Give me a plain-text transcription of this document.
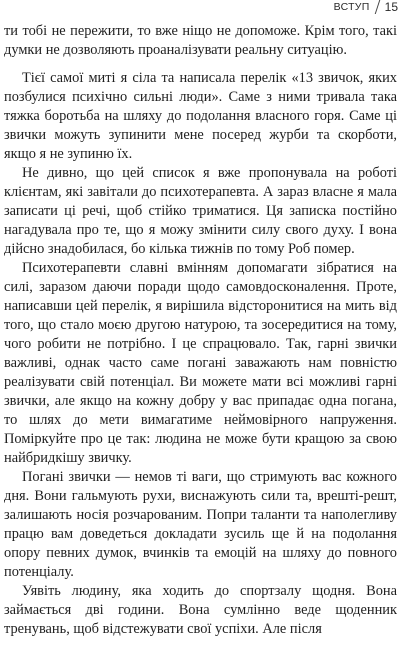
ВСТУП 15

ти тобі не пережити, то вже ніщо не допоможе. Крім того, такі думки не дозволяють проаналізувати реальну ситуацію.

Тієї самої миті я сіла та написала перелік «13 звичок, яких позбулися психічно сильні люди». Саме з ними тривала така тяжка боротьба на шляху до подолання власного горя. Саме ці звички можуть зупинити мене посеред журби та скорботи, якщо я не зупиню їх.

Не дивно, що цей список я вже пропонувала на роботі клієнтам, які завітали до психотерапевта. А зараз власне я мала записати ці речі, щоб стійко триматися. Ця записка постійно нагадувала про те, що я можу змінити силу свого духу. І вона дійсно знадобилася, бо кілька тижнів по тому Роб помер.

Психотерапевти славні вмінням допомагати зібратися на силі, заразом даючи поради щодо самовдосконалення. Проте, написавши цей перелік, я вирішила відсторонитися на мить від того, що стало моєю другою натурою, та зосередитися на тому, чого робити не потрібно. І це спрацювало. Так, гарні звички важливі, однак часто саме погані заважають нам повністю реалізувати свій потенціал. Ви можете мати всі можливі гарні звички, але якщо на кожну добру у вас припадає одна погана, то шлях до мети вимагатиме неймовірного напруження. Поміркуйте про це так: людина не може бути кращою за свою найбридкішу звичку.

Погані звички — немов ті ваги, що стримують вас кожного дня. Вони гальмують рухи, виснажують сили та, врешті-решт, залишають носія розчарованим. Попри таланти та наполегливу працю вам доведеться докладати зусиль ще й на подолання опору певних думок, вчинків та емоцій на шляху до повного потенціалу.

Уявіть людину, яка ходить до спортзалу щодня. Вона займається дві години. Вона сумлінно веде щоденник тренувань, щоб відстежувати свої успіхи. Але після
